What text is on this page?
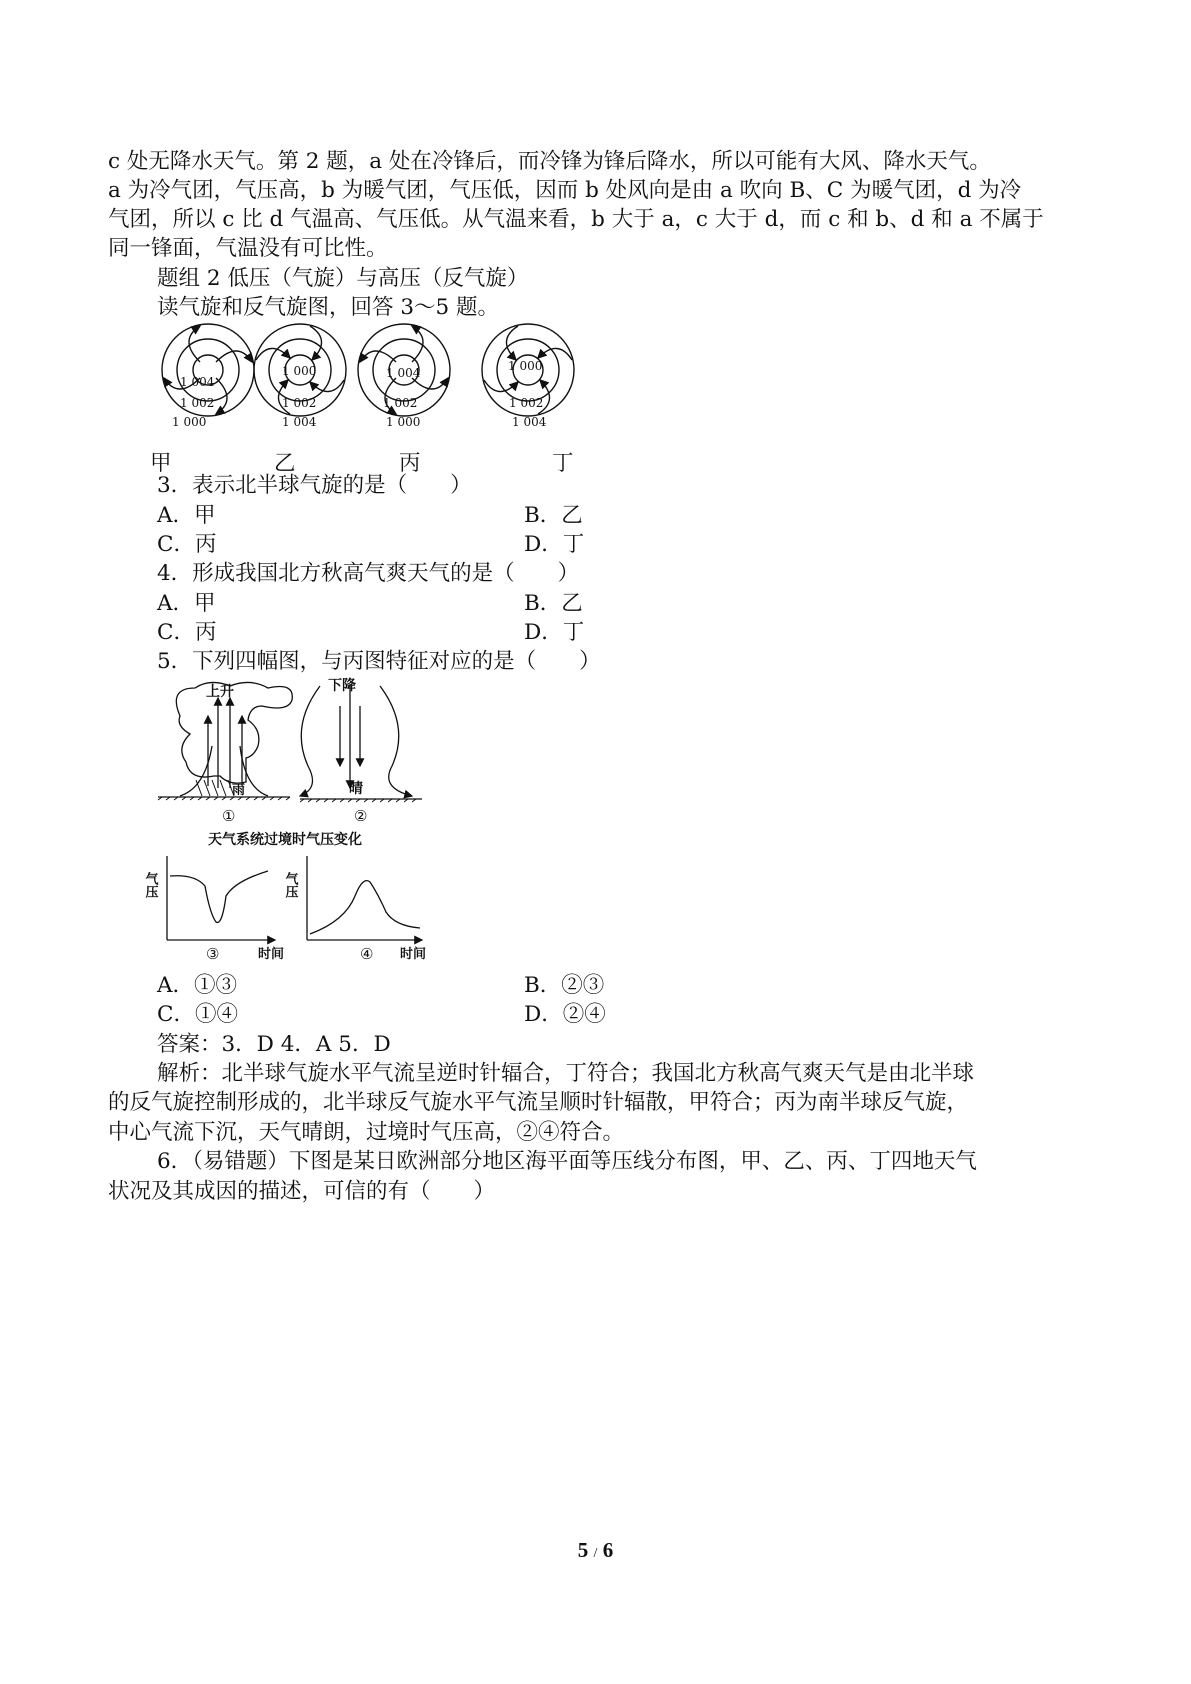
c 处无降水天气。第 2 题，a 处在冷锋后，而冷锋为锋后降水，所以可能有大风、降水天气。
a 为冷气团，气压高，b 为暖气团，气压低，因而 b 处风向是由 a 吹向 B、C 为暖气团，d 为冷
气团，所以 c 比 d 气温高、气压低。从气温来看，b 大于 a，c 大于 d，而 c 和 b、d 和 a 不属于
同一锋面，气温没有可比性。
题组 2 低压（气旋）与高压（反气旋）
读气旋和反气旋图，回答 3～5 题。
1 004
1 002
1 000
1 000
1 002
1 004
1 004
1 002
1 000
1 000
1 002
1 004
甲	乙	丙	丁
3．表示北半球气旋的是（　　）
A．甲	B．乙
C．丙	D．丁
4．形成我国北方秋高气爽天气的是（　　）
A．甲	B．乙
C．丙	D．丁
5．下列四幅图，与丙图特征对应的是（　　）
上升
雨
①
下降
晴
②
天气系统过境时气压变化
气压
③	时间
气压
④ 时间
A．①③	B．②③
C．①④	D．②④
答案：3．D 4．A 5．D
解析：北半球气旋水平气流呈逆时针辐合，丁符合；我国北方秋高气爽天气是由北半球
的反气旋控制形成的，北半球反气旋水平气流呈顺时针辐散，甲符合；丙为南半球反气旋，
中心气流下沉，天气晴朗，过境时气压高，②④符合。
6．（易错题）下图是某日欧洲部分地区海平面等压线分布图，甲、乙、丙、丁四地天气
状况及其成因的描述，可信的有（　　）
5 / 6
